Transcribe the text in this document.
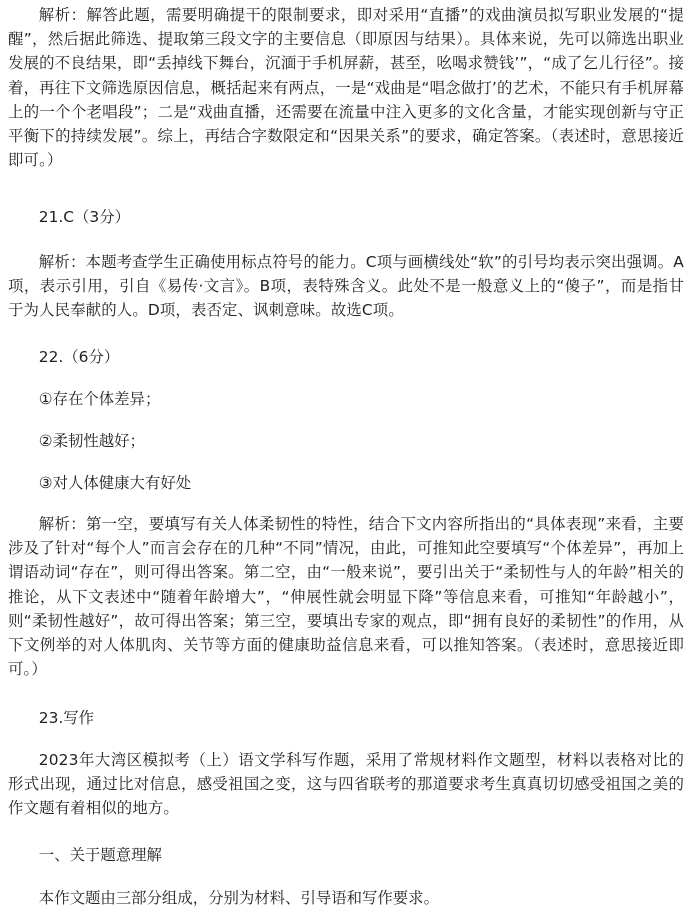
解析：解答此题，需要明确提干的限制要求，即对采用“直播”的戏曲演员拟写职业发展的“提醒”，然后据此筛选、提取第三段文字的主要信息（即原因与结果）。具体来说，先可以筛选出职业发展的不良结果，即“丢掉线下舞台，沉湎于手机屏薪，甚至，吆喝求赞钱’”，“成了乞儿行径”。接着，再往下文筛选原因信息，概括起来有两点，一是“戏曲是“唱念做打’的艺术，不能只有手机屏幕上的一个个老唱段”；二是“戏曲直播，还需要在流量中注入更多的文化含量，才能实现创新与守正平衡下的持续发展”。综上，再结合字数限定和“因果关系”的要求，确定答案。（表述时，意思接近即可。）

21.C（3分）

解析：本题考查学生正确使用标点符号的能力。C项与画横线处“软”的引号均表示突出强调。A项，表示引用，引自《易传·文言》。B项，表特殊含义。此处不是一般意义上的“傻子”，而是指甘于为人民奉献的人。D项，表否定、讽刺意味。故选C项。

22.（6分）

①存在个体差异；

②柔韧性越好；

③对人体健康大有好处

解析：第一空，要填写有关人体柔韧性的特性，结合下文内容所指出的“具体表现”来看，主要涉及了针对“每个人”而言会存在的几种“不同”情况，由此，可推知此空要填写“个体差异”，再加上谓语动词“存在”，则可得出答案。第二空，由“一般来说”，要引出关于“柔韧性与人的年龄”相关的推论，从下文表述中“随着年龄增大”，“伸展性就会明显下降”等信息来看，可推知“年龄越小”，则“柔韧性越好”，故可得出答案；第三空，要填出专家的观点，即“拥有良好的柔韧性”的作用，从下文例举的对人体肌肉、关节等方面的健康助益信息来看，可以推知答案。（表述时，意思接近即可。）

23.写作

2023年大湾区模拟考（上）语文学科写作题，采用了常规材料作文题型，材料以表格对比的形式出现，通过比对信息，感受祖国之变，这与四省联考的那道要求考生真真切切感受祖国之美的作文题有着相似的地方。

一、关于题意理解

本作文题由三部分组成，分别为材料、引导语和写作要求。
